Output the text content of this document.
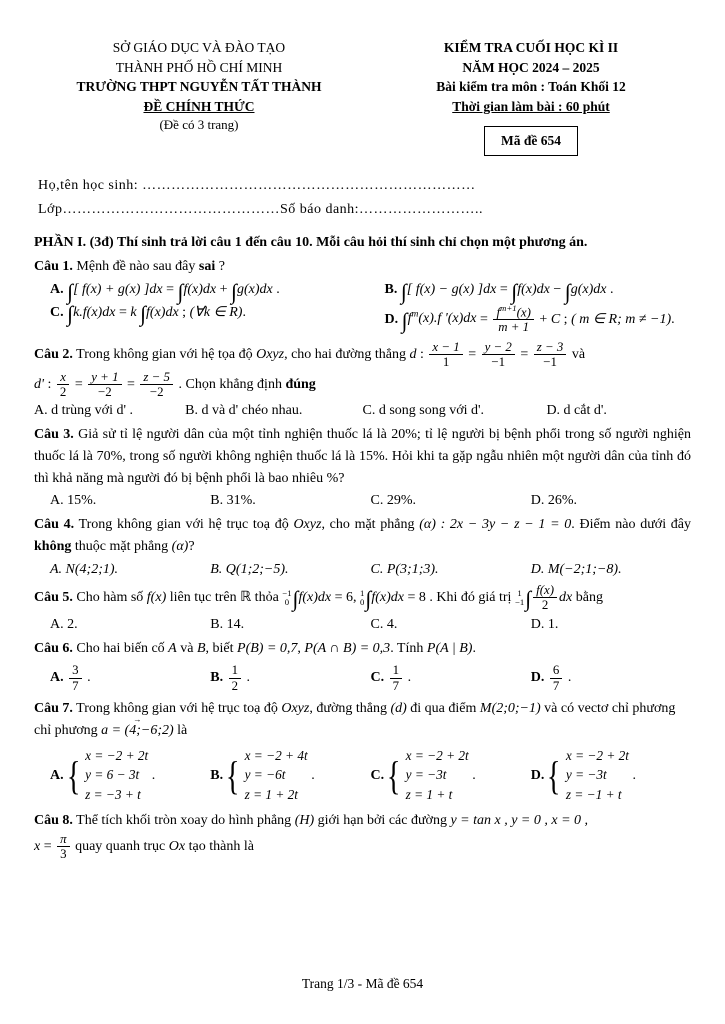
SỞ GIÁO DỤC VÀ ĐÀO TẠO
THÀNH PHỐ HỒ CHÍ MINH
TRƯỜNG THPT NGUYỄN TẤT THÀNH
ĐỀ CHÍNH THỨC
(Đề có 3 trang)
KIỂM TRA CUỐI HỌC KÌ II
NĂM HỌC 2024 – 2025
Bài kiểm tra môn : Toán Khối 12
Thời gian làm bài : 60 phút
Mã đề 654
Họ,tên học sinh: ……………………………………………………………
Lớp………………………………………Số báo danh:……………………..
PHẦN I. (3đ) Thí sinh trả lời câu 1 đến câu 10. Mỗi câu hỏi thí sinh chỉ chọn một phương án.
Câu 1. Mệnh đề nào sau đây sai ?
A. ∫[ f(x) + g(x) ]dx = ∫f(x)dx + ∫g(x)dx .	B. ∫[ f(x) − g(x) ]dx = ∫f(x)dx − ∫g(x)dx .
C. ∫k.f(x)dx = k ∫f(x)dx ; (∀k ∈ R).	D. $\int f^m(x).f$ '$(x)dx = \frac{f^{m+1}(x)}{m + 1} + C$ ; ( m ∈ R; m ≠ −1).
Câu 2. Trong không gian với hệ tọa độ Oxyz, cho hai đường thẳng d : $\frac{x - 1}{1} = \frac{y - 2}{-1} = \frac{z - 3}{-1}$ và
d' : $\frac{x}{2} = \frac{y + 1}{-2} = \frac{z - 5}{-2}$ . Chọn khẳng định đúng
A. d trùng với d' .	B. d và d' chéo nhau.	C. d song song với d'.	D. d cắt d'.
Câu 3. Giả sử tỉ lệ người dân của một tỉnh nghiện thuốc lá là 20%; tỉ lệ người bị bệnh phổi trong số người nghiện thuốc lá là 70%, trong số người không nghiện thuốc lá là 15%. Hỏi khi ta gặp ngẫu nhiên một người dân của tỉnh đó thì khả năng mà người đó bị bệnh phổi là bao nhiêu %?
A. 15%.	B. 31%.	C. 29%.	D. 26%.
Câu 4. Trong không gian với hệ trục toạ độ Oxyz, cho mặt phẳng (α) : 2x − 3y − z − 1 = 0. Điểm nào dưới đây không thuộc mặt phẳng (α)?
A. N(4;2;1).	B. Q(1;2;−5).	C. P(3;1;3).	D. M(−2;1;−8).
Câu 5. Cho hàm số f(x) liên tục trên ℝ thỏa −1
0 ∫f(x)dx = 6, 1
0 ∫f(x)dx = 8 . Khi đó giá trị 1
−1 ∫ $\frac{f(x)}{2}$ dx bằng
A. 2.	B. 14.	C. 4.	D. 1.
Câu 6. Cho hai biến cố A và B, biết P(B) = 0,7, P(A ∩ B) = 0,3. Tính P(A | B).
A. $\frac{3}{7}$ .	B. $\frac{1}{2}$ .	C. $\frac{1}{7}$ .	D. $\frac{6}{7}$ .
Câu 7. Trong không gian với hệ trục toạ độ Oxyz, đường thẳng (d) đi qua điểm M(2;0;−1) và có vectơ chỉ phương
chỉ phương a = (4;−6;2) → là
A.{ x = −2 + 2t
y = 6 − 3t
z = −3 + t
.	B.{ x = −2 + 4t
y = −6t
z = 1 + 2t
.	C.{ x = −2 + 2t
y = −3t
z = 1 + t
.	D.{ x = −2 + 2t
y = −3t
z = −1 + t
.
Câu 8. Thể tích khối tròn xoay do hình phẳng (H) giới hạn bởi các đường y = tan x , y = 0 , x = 0 ,
$x = \frac{\pi}{3}$ quay quanh trục Ox tạo thành là
Trang 1/3 - Mã đề 654
